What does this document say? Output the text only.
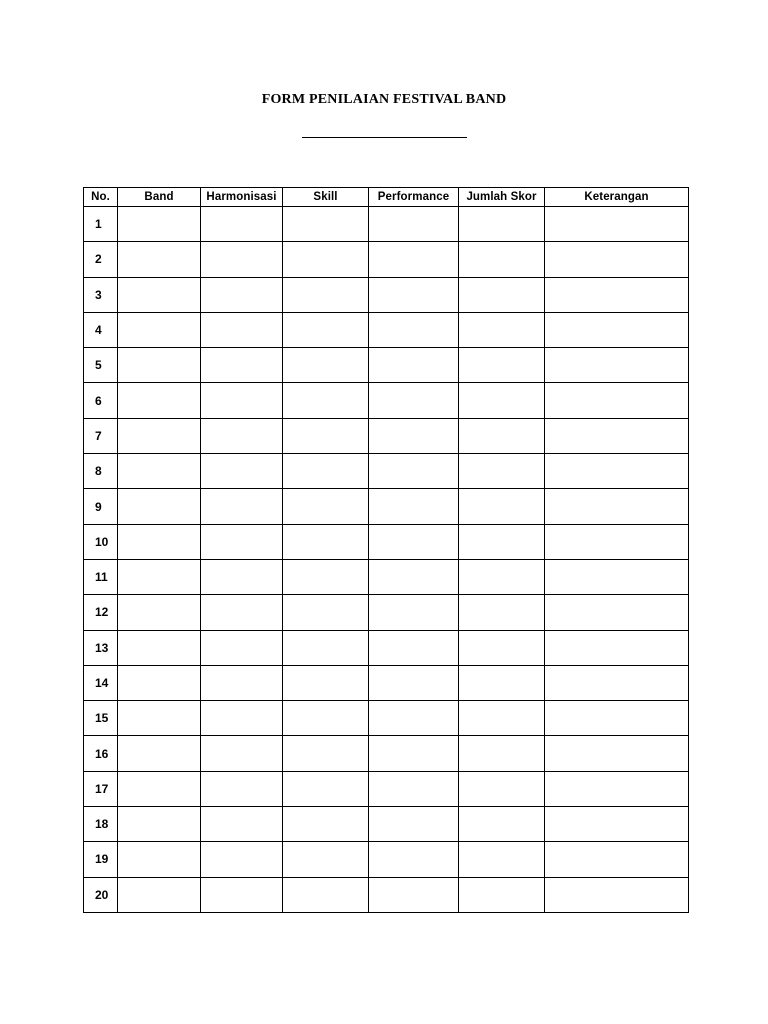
FORM PENILAIAN FESTIVAL BAND
No.	Band	Harmonisasi	Skill	Performance	Jumlah Skor	Keterangan
1						
2						
3						
4						
5						
6						
7						
8						
9						
10						
11						
12						
13						
14						
15						
16						
17						
18						
19						
20						
